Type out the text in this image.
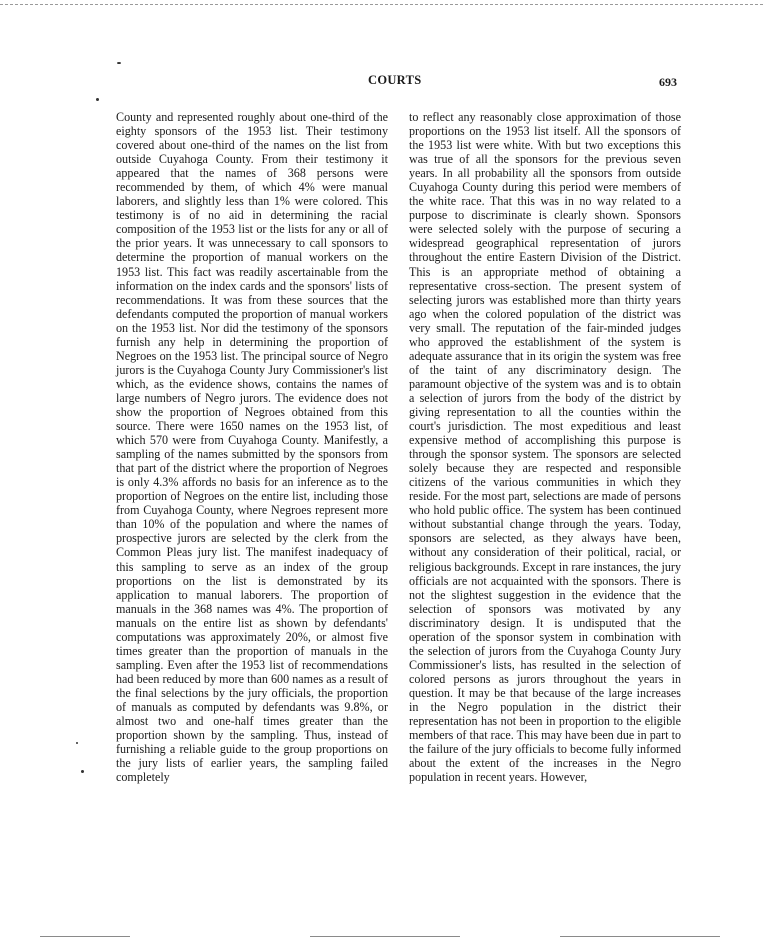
COURTS	693

County and represented roughly about one-third of the eighty sponsors of the 1953 list. Their testimony covered about one-third of the names on the list from outside Cuyahoga County. From their testimony it appeared that the names of 368 persons were recommended by them, of which 4% were manual laborers, and slightly less than 1% were colored. This testimony is of no aid in determining the racial composition of the 1953 list or the lists for any or all of the prior years. It was unnecessary to call sponsors to determine the proportion of manual workers on the 1953 list. This fact was readily ascertainable from the information on the index cards and the sponsors' lists of recommendations. It was from these sources that the defendants computed the proportion of manual workers on the 1953 list. Nor did the testimony of the sponsors furnish any help in determining the proportion of Negroes on the 1953 list. The principal source of Negro jurors is the Cuyahoga County Jury Commissioner's list which, as the evidence shows, contains the names of large numbers of Negro jurors. The evidence does not show the proportion of Negroes obtained from this source. There were 1650 names on the 1953 list, of which 570 were from Cuyahoga County. Manifestly, a sampling of the names submitted by the sponsors from that part of the district where the proportion of Negroes is only 4.3% affords no basis for an inference as to the proportion of Negroes on the entire list, including those from Cuyahoga County, where Negroes represent more than 10% of the population and where the names of prospective jurors are selected by the clerk from the Common Pleas jury list. The manifest inadequacy of this sampling to serve as an index of the group proportions on the list is demonstrated by its application to manual laborers. The proportion of manuals in the 368 names was 4%. The proportion of manuals on the entire list as shown by defendants' computations was approximately 20%, or almost five times greater than the proportion of manuals in the sampling. Even after the 1953 list of recommendations had been reduced by more than 600 names as a result of the final selections by the jury officials, the proportion of manuals as computed by defendants was 9.8%, or almost two and one-half times greater than the proportion shown by the sampling. Thus, instead of furnishing a reliable guide to the group proportions on the jury lists of earlier years, the sampling failed completely

to reflect any reasonably close approximation of those proportions on the 1953 list itself. All the sponsors of the 1953 list were white. With but two exceptions this was true of all the sponsors for the previous seven years. In all probability all the sponsors from outside Cuyahoga County during this period were members of the white race. That this was in no way related to a purpose to discriminate is clearly shown. Sponsors were selected solely with the purpose of securing a widespread geographical representation of jurors throughout the entire Eastern Division of the District. This is an appropriate method of obtaining a representative cross-section. The present system of selecting jurors was established more than thirty years ago when the colored population of the district was very small. The reputation of the fair-minded judges who approved the establishment of the system is adequate assurance that in its origin the system was free of the taint of any discriminatory design. The paramount objective of the system was and is to obtain a selection of jurors from the body of the district by giving representation to all the counties within the court's jurisdiction. The most expeditious and least expensive method of accomplishing this purpose is through the sponsor system. The sponsors are selected solely because they are respected and responsible citizens of the various communities in which they reside. For the most part, selections are made of persons who hold public office. The system has been continued without substantial change through the years. Today, sponsors are selected, as they always have been, without any consideration of their political, racial, or religious backgrounds. Except in rare instances, the jury officials are not acquainted with the sponsors. There is not the slightest suggestion in the evidence that the selection of sponsors was motivated by any discriminatory design. It is undisputed that the operation of the sponsor system in combination with the selection of jurors from the Cuyahoga County Jury Commissioner's lists, has resulted in the selection of colored persons as jurors throughout the years in question. It may be that because of the large increases in the Negro population in the district their representation has not been in proportion to the eligible members of that race. This may have been due in part to the failure of the jury officials to become fully informed about the extent of the increases in the Negro population in recent years. However,
